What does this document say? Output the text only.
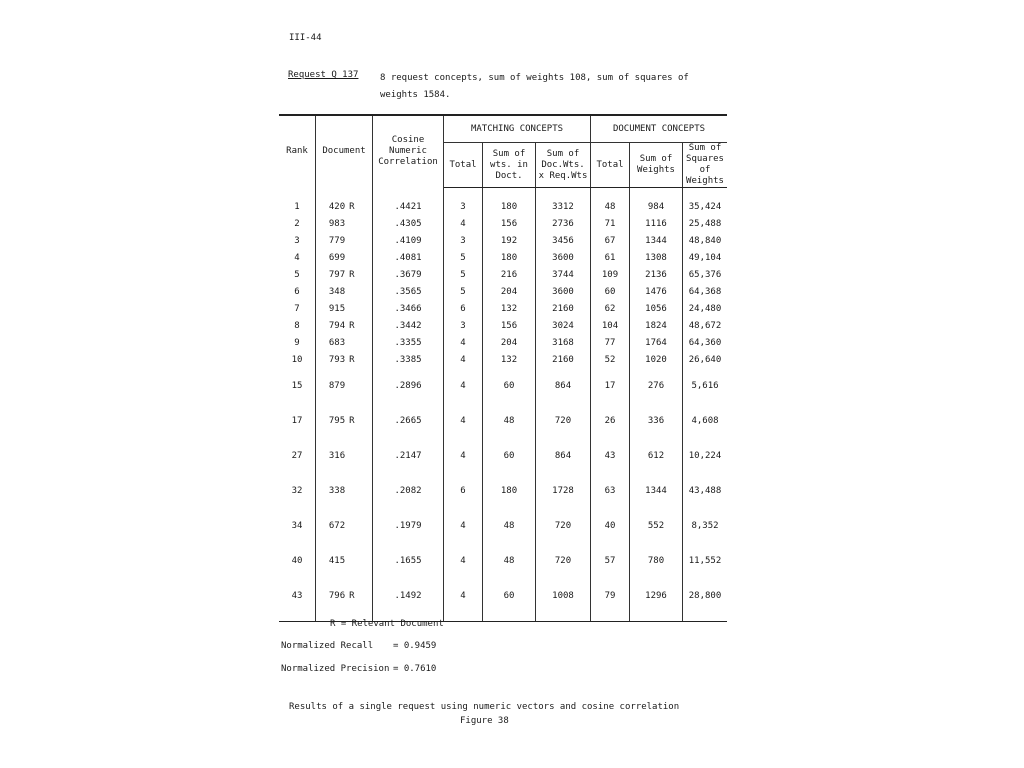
III-44
Request Q 137 8 request concepts, sum of weights 108, sum of squares of weights 1584.
Rank	Document	Cosine Numeric Correlation	MATCHING CONCEPTS			DOCUMENT CONCEPTS		
			Total	Sum of wts. in Doct.	Sum of Doc.Wts. x Req.Wts	Total	Sum of Weights	Sum of Squares of Weights

1	420 R	.4421	3	180	3312	48	984	35,424
2	983	.4305	4	156	2736	71	1116	25,488
3	779	.4109	3	192	3456	67	1344	48,840
4	699	.4081	5	180	3600	61	1308	49,104
5	797 R	.3679	5	216	3744	109	2136	65,376
6	348	.3565	5	204	3600	60	1476	64,368
7	915	.3466	6	132	2160	62	1056	24,480
8	794 R	.3442	3	156	3024	104	1824	48,672
9	683	.3355	4	204	3168	77	1764	64,360
10	793 R	.3385	4	132	2160	52	1020	26,640
15	879	.2896	4	60	864	17	276	5,616
17	795 R	.2665	4	48	720	26	336	4,608
27	316	.2147	4	60	864	43	612	10,224
32	338	.2082	6	180	1728	63	1344	43,488
34	672	.1979	4	48	720	40	552	8,352
40	415	.1655	4	48	720	57	780	11,552
43	796 R	.1492	4	60	1008	79	1296	28,800

R = Relevant Document
Normalized Recall = 0.9459
Normalized Precision = 0.7610
Results of a single request using numeric vectors and cosine correlation
Figure 38
